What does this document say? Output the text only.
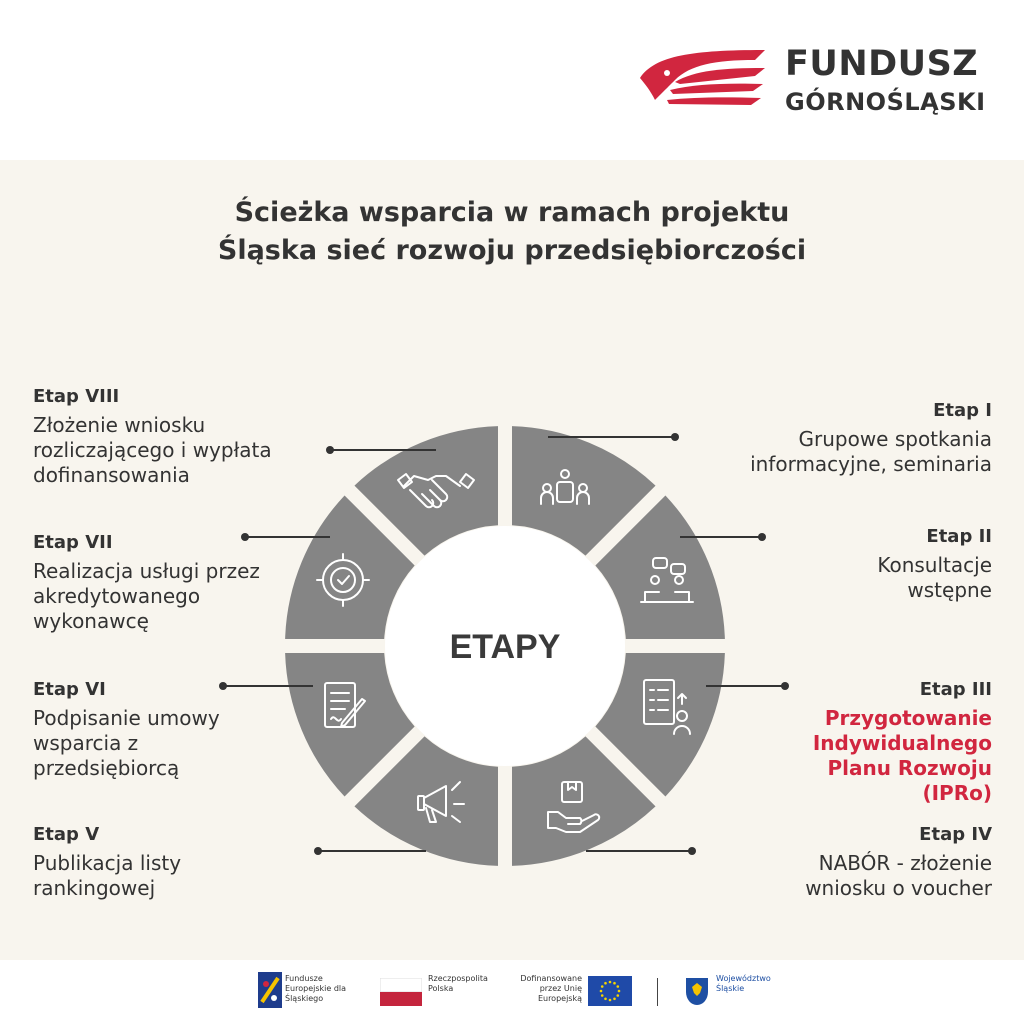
FUNDUSZ
GÓRNOŚLĄSKI
Ścieżka wsparcia w ramach projektu
Śląska sieć rozwoju przedsiębiorczości
ETAPY
Etap I
Grupowe spotkania informacyjne, seminaria
Etap II
Konsultacje wstępne
Etap III
Przygotowanie Indywidualnego Planu Rozwoju (IPRo)
Etap IV
NABÓR - złożenie wniosku o voucher
Etap V
Publikacja listy rankingowej
Etap VI
Podpisanie umowy wsparcia z przedsiębiorcą
Etap VII
Realizacja usługi przez akredytowanego wykonawcę
Etap VIII
Złożenie wniosku rozliczającego i wypłata dofinansowania
Fundusze Europejskie dla Śląskiego
Rzeczpospolita Polska
Dofinansowane przez Unię Europejską
Województwo Śląskie
